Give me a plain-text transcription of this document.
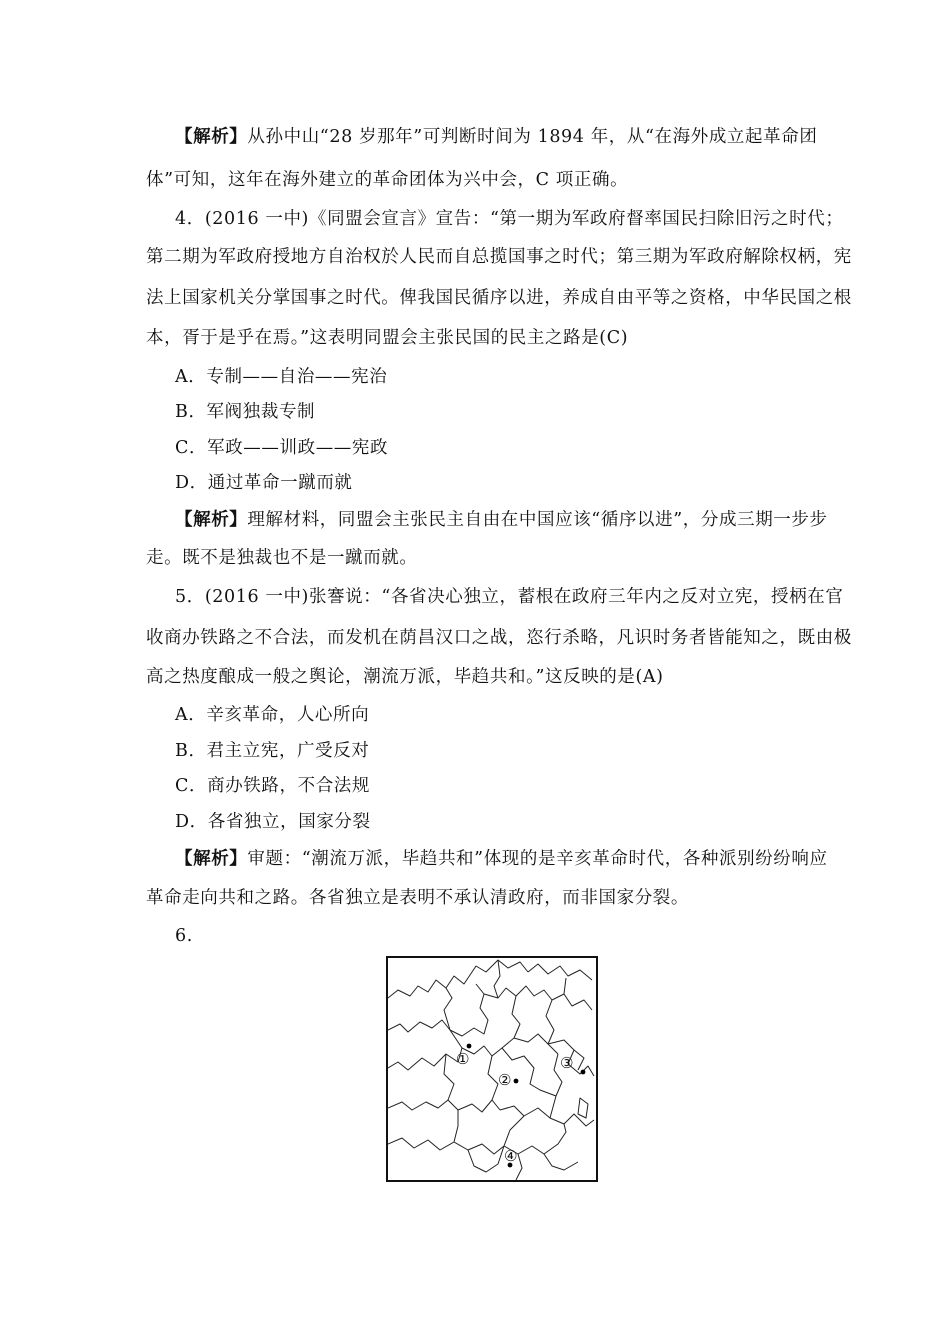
【解析】从孙中山“28 岁那年”可判断时间为 1894 年，从“在海外成立起革命团
体”可知，这年在海外建立的革命团体为兴中会，C 项正确。
4．(2016 一中)《同盟会宣言》宣告：“第一期为军政府督率国民扫除旧污之时代；
第二期为军政府授地方自治权於人民而自总揽国事之时代；第三期为军政府解除权柄，宪
法上国家机关分掌国事之时代。俾我国民循序以进，养成自由平等之资格，中华民国之根
本，胥于是乎在焉。”这表明同盟会主张民国的民主之路是(C)
A．专制——自治——宪治
B．军阀独裁专制
C．军政——训政——宪政
D．通过革命一蹴而就
【解析】理解材料，同盟会主张民主自由在中国应该“循序以进”，分成三期一步步
走。既不是独裁也不是一蹴而就。
5．(2016 一中)张謇说：“各省决心独立，蓄根在政府三年内之反对立宪，授柄在官
收商办铁路之不合法，而发机在荫昌汉口之战，恣行杀略，凡识时务者皆能知之，既由极
高之热度酿成一般之舆论，潮流万派，毕趋共和。”这反映的是(A)
A．辛亥革命，人心所向
B．君主立宪，广受反对
C．商办铁路，不合法规
D．各省独立，国家分裂
【解析】审题：“潮流万派，毕趋共和”体现的是辛亥革命时代，各种派别纷纷响应
革命走向共和之路。各省独立是表明不承认清政府，而非国家分裂。
6.
①
②
③
④
